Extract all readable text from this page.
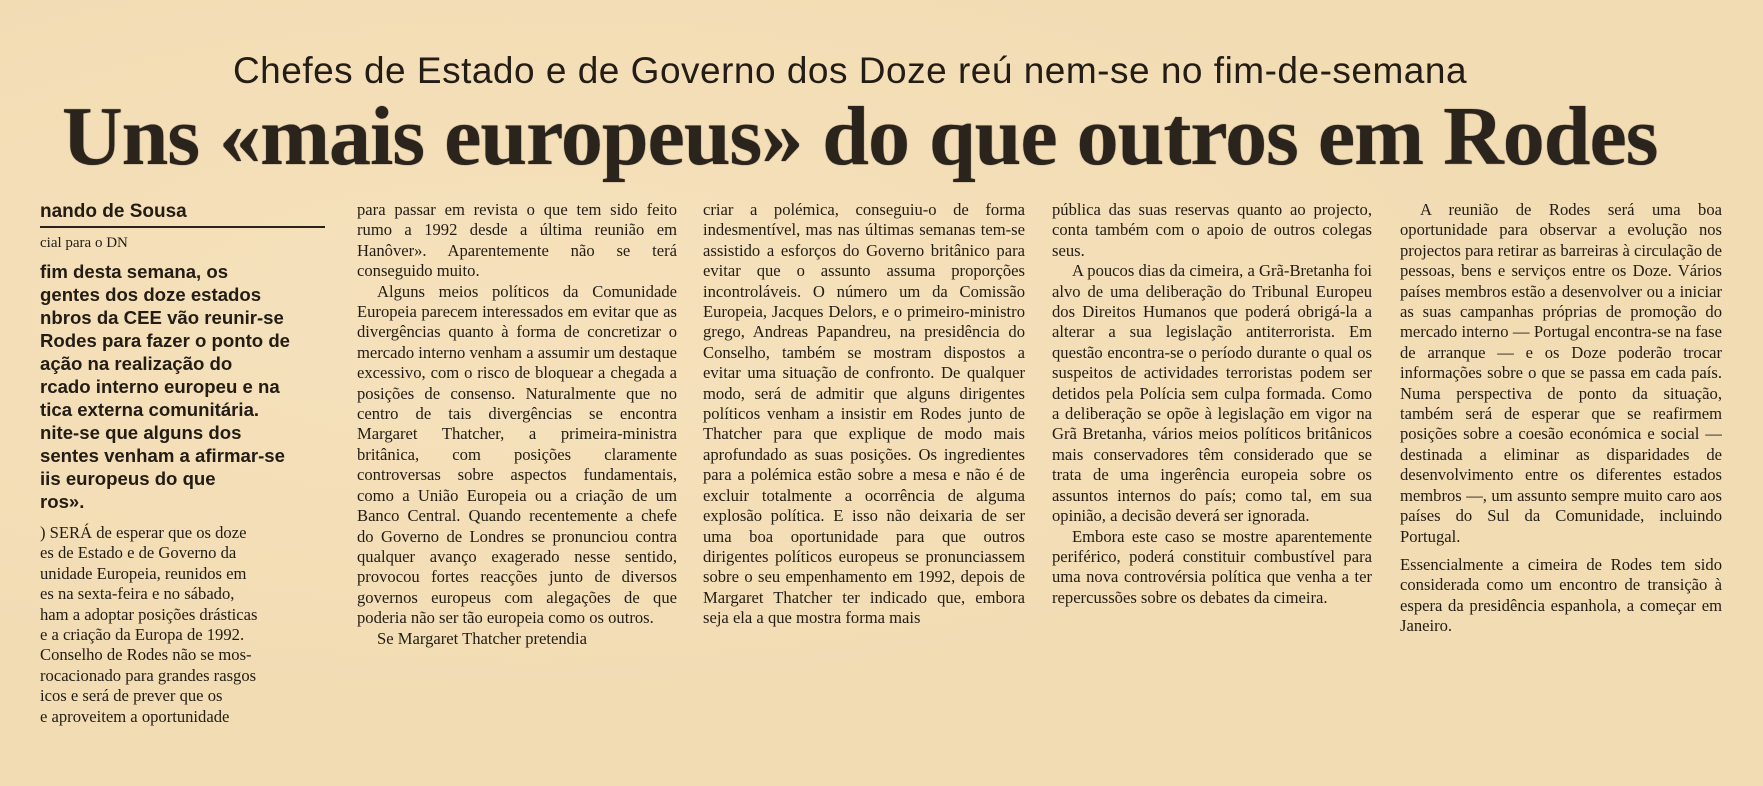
Chefes de Estado e de Governo dos Doze reú nem-se no fim-de-semana
Uns «mais europeus» do que outros em Rodes
nando de Sousa
cial para o DN
fim desta semana, os
gentes dos doze estados
nbros da CEE vão reunir-se
Rodes para fazer o ponto de
ação na realização do
rcado interno europeu e na
tica externa comunitária.
nite-se que alguns dos
sentes venham a afirmar-se
iis europeus do que
ros».
) SERÁ de esperar que os doze
es de Estado e de Governo da
unidade Europeia, reunidos em
es na sexta-feira e no sábado,
ham a adoptar posições drásticas
e a criação da Europa de 1992.
Conselho de Rodes não se mos-
rocacionado para grandes rasgos
icos e será de prever que os
e aproveitem a oportunidade

para passar em revista o que tem sido feito rumo a 1992 desde a última reunião em Hanôver». Aparentemente não se terá conseguido muito.

Alguns meios políticos da Comunidade Europeia parecem interessados em evitar que as divergências quanto à forma de concretizar o mercado interno venham a assumir um destaque excessivo, com o risco de bloquear a chegada a posições de consenso. Naturalmente que no centro de tais divergências se encontra Margaret Thatcher, a primeira-ministra britânica, com posições claramente controversas sobre aspectos fundamentais, como a União Europeia ou a criação de um Banco Central. Quando recentemente a chefe do Governo de Londres se pronunciou contra qualquer avanço exagerado nesse sentido, provocou fortes reacções junto de diversos governos europeus com alegações de que poderia não ser tão europeia como os outros.

Se Margaret Thatcher pretendia

criar a polémica, conseguiu-o de forma indesmentível, mas nas últimas semanas tem-se assistido a esforços do Governo britânico para evitar que o assunto assuma proporções incontroláveis. O número um da Comissão Europeia, Jacques Delors, e o primeiro-ministro grego, Andreas Papandreu, na presidência do Conselho, também se mostram dispostos a evitar uma situação de confronto. De qualquer modo, será de admitir que alguns dirigentes políticos venham a insistir em Rodes junto de Thatcher para que explique de modo mais aprofundado as suas posições. Os ingredientes para a polémica estão sobre a mesa e não é de excluir totalmente a ocorrência de alguma explosão política. E isso não deixaria de ser uma boa oportunidade para que outros dirigentes políticos europeus se pronunciassem sobre o seu empenhamento em 1992, depois de Margaret Thatcher ter indicado que, embora seja ela a que mostra forma mais

pública das suas reservas quanto ao projecto, conta também com o apoio de outros colegas seus.

A poucos dias da cimeira, a Grã-Bretanha foi alvo de uma deliberação do Tribunal Europeu dos Direitos Humanos que poderá obrigá-la a alterar a sua legislação antiterrorista. Em questão encontra-se o período durante o qual os suspeitos de actividades terroristas podem ser detidos pela Polícia sem culpa formada. Como a deliberação se opõe à legislação em vigor na Grã Bretanha, vários meios políticos britânicos mais conservadores têm considerado que se trata de uma ingerência europeia sobre os assuntos internos do país; como tal, em sua opinião, a decisão deverá ser ignorada.

Embora este caso se mostre aparentemente periférico, poderá constituir combustível para uma nova controvérsia política que venha a ter repercussões sobre os debates da cimeira.

A reunião de Rodes será uma boa oportunidade para observar a evolução nos projectos para retirar as barreiras à circulação de pessoas, bens e serviços entre os Doze. Vários países membros estão a desenvolver ou a iniciar as suas campanhas próprias de promoção do mercado interno — Portugal encontra-se na fase de arranque — e os Doze poderão trocar informações sobre o que se passa em cada país. Numa perspectiva de ponto da situação, também será de esperar que se reafirmem posições sobre a coesão económica e social — destinada a eliminar as disparidades de desenvolvimento entre os diferentes estados membros —, um assunto sempre muito caro aos países do Sul da Comunidade, incluindo Portugal.

Essencialmente a cimeira de Rodes tem sido considerada como um encontro de transição à espera da presidência espanhola, a começar em Janeiro.
